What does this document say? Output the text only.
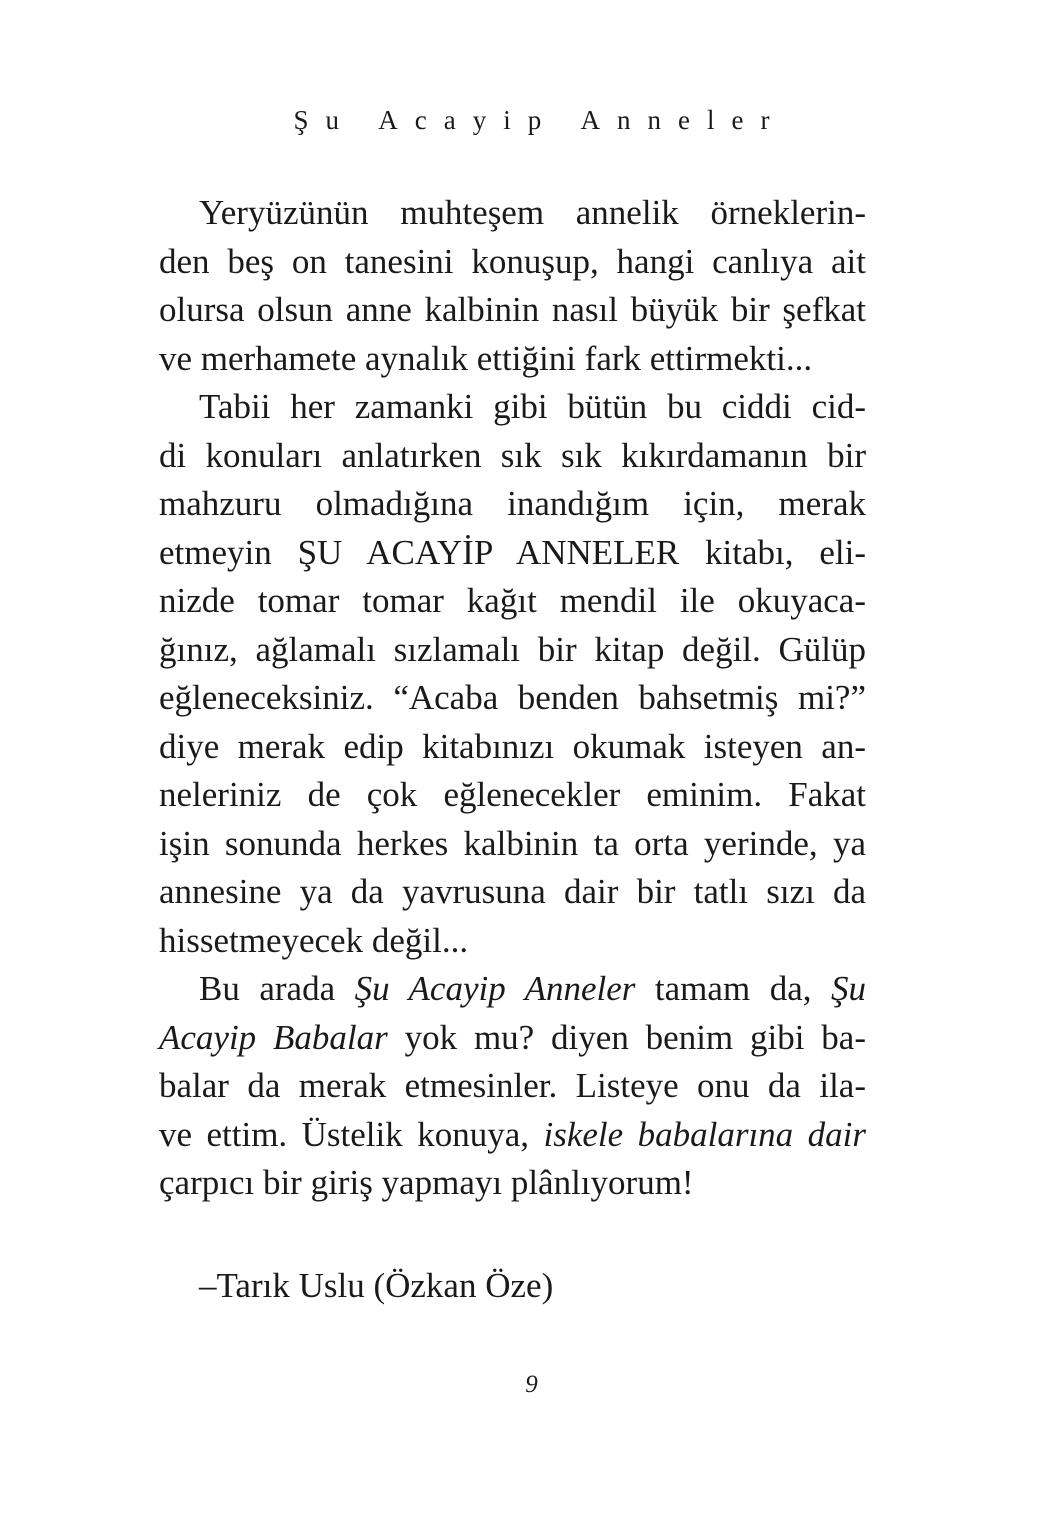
Şu Acayip Anneler
Yeryüzünün muhteşem annelik örneklerin-
den beş on tanesini konuşup, hangi canlıya ait
olursa olsun anne kalbinin nasıl büyük bir şefkat
ve merhamete aynalık ettiğini fark ettirmekti...
Tabii her zamanki gibi bütün bu ciddi cid-
di konuları anlatırken sık sık kıkırdamanın bir
mahzuru olmadığına inandığım için, merak
etmeyin ŞU ACAYİP ANNELER kitabı, eli-
nizde tomar tomar kağıt mendil ile okuyaca-
ğınız, ağlamalı sızlamalı bir kitap değil. Gülüp
eğleneceksiniz. “Acaba benden bahsetmiş mi?”
diye merak edip kitabınızı okumak isteyen an-
neleriniz de çok eğlenecekler eminim. Fakat
işin sonunda herkes kalbinin ta orta yerinde, ya
annesine ya da yavrusuna dair bir tatlı sızı da
hissetmeyecek değil...
Bu arada Şu Acayip Anneler tamam da, Şu
Acayip Babalar yok mu? diyen benim gibi ba-
balar da merak etmesinler. Listeye onu da ila-
ve ettim. Üstelik konuya, iskele babalarına dair
çarpıcı bir giriş yapmayı plânlıyorum!
–Tarık Uslu (Özkan Öze)
9
